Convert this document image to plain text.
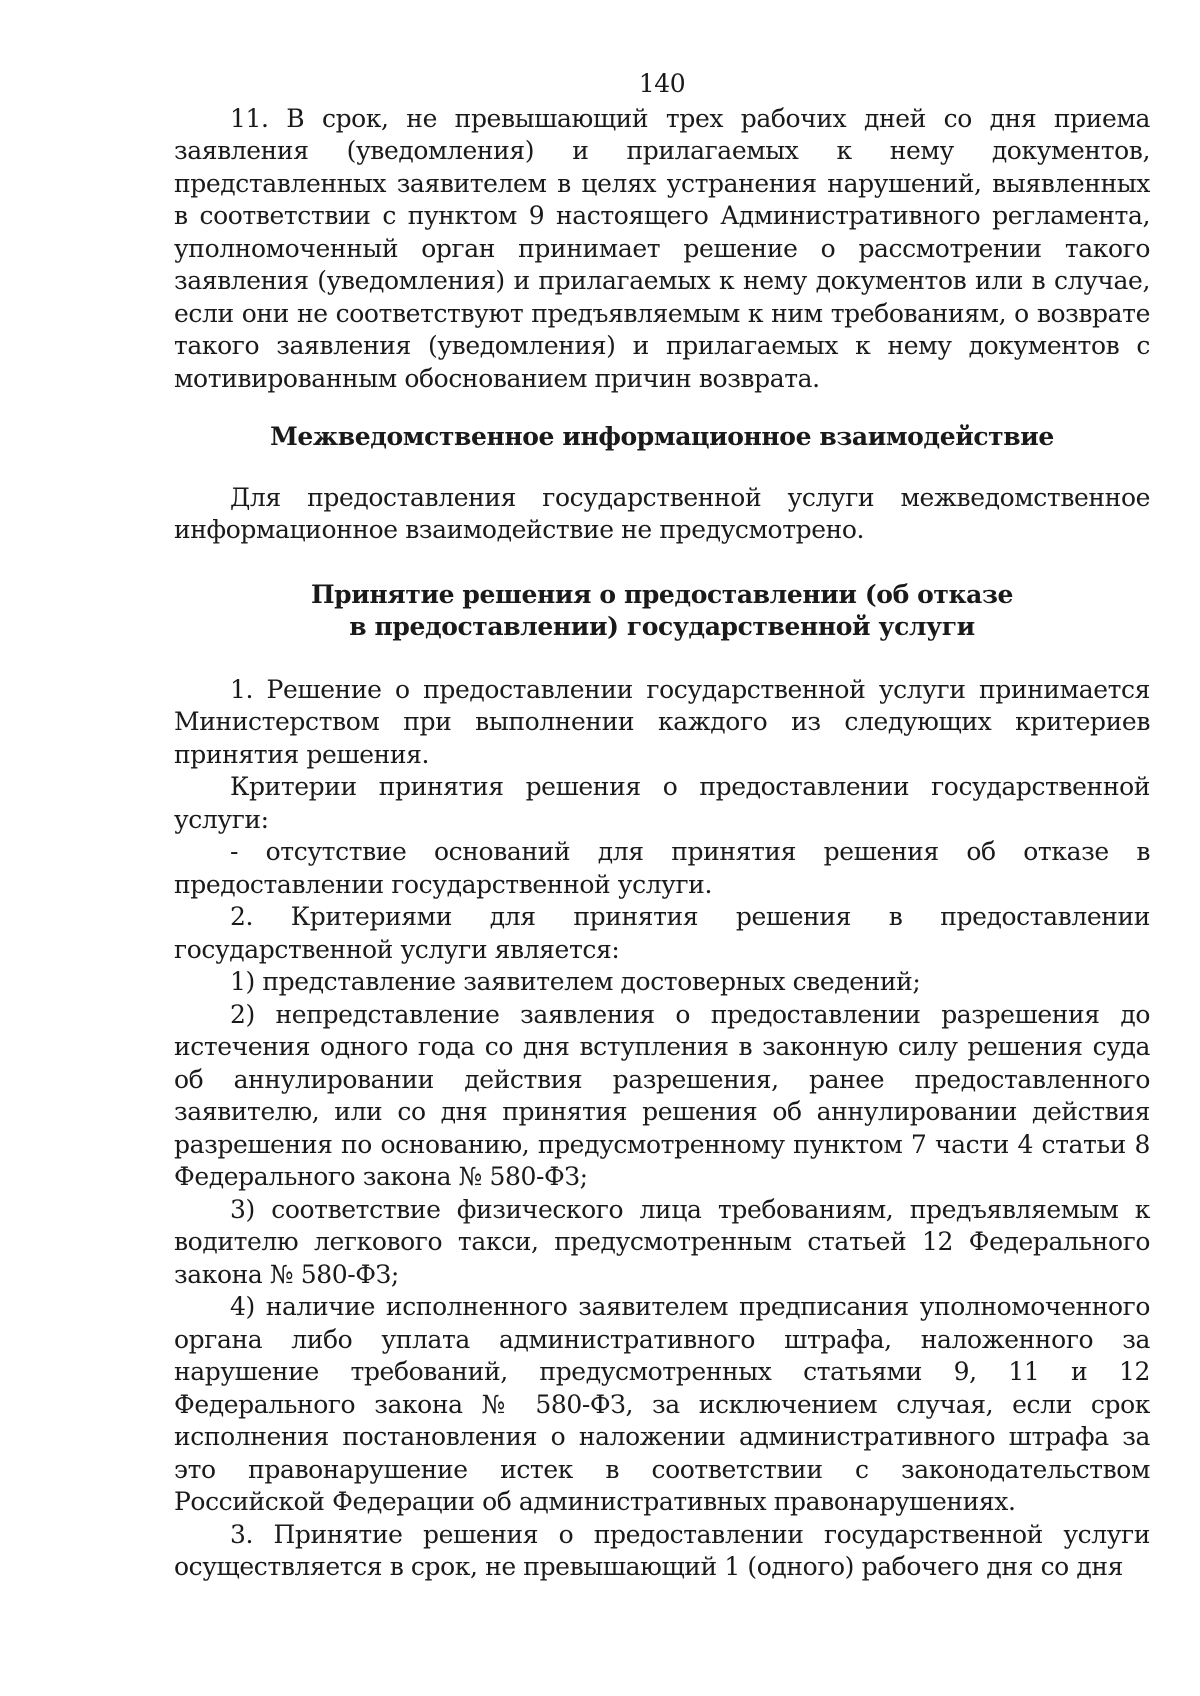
140

11. В срок, не превышающий трех рабочих дней со дня приема заявления (уведомления) и прилагаемых к нему документов, представленных заявителем в целях устранения нарушений, выявленных в соответствии с пунктом 9 настоящего Административного регламента, уполномоченный орган принимает решение о рассмотрении такого заявления (уведомления) и прилагаемых к нему документов или в случае, если они не соответствуют предъявляемым к ним требованиям, о возврате такого заявления (уведомления) и прилагаемых к нему документов с мотивированным обоснованием причин возврата.

Межведомственное информационное взаимодействие

Для предоставления государственной услуги межведомственное информационное взаимодействие не предусмотрено.

Принятие решения о предоставлении (об отказе
в предоставлении) государственной услуги

1. Решение о предоставлении государственной услуги принимается Министерством при выполнении каждого из следующих критериев принятия решения.

Критерии принятия решения о предоставлении государственной услуги:

- отсутствие оснований для принятия решения об отказе в предоставлении государственной услуги.

2. Критериями для принятия решения в предоставлении государственной услуги является:

1) представление заявителем достоверных сведений;

2) непредставление заявления о предоставлении разрешения до истечения одного года со дня вступления в законную силу решения суда об аннулировании действия разрешения, ранее предоставленного заявителю, или со дня принятия решения об аннулировании действия разрешения по основанию, предусмотренному пунктом 7 части 4 статьи 8 Федерального закона № 580-ФЗ;

3) соответствие физического лица требованиям, предъявляемым к водителю легкового такси, предусмотренным статьей 12 Федерального закона № 580-ФЗ;

4) наличие исполненного заявителем предписания уполномоченного органа либо уплата административного штрафа, наложенного за нарушение требований, предусмотренных статьями 9, 11 и 12 Федерального закона № 580-ФЗ, за исключением случая, если срок исполнения постановления о наложении административного штрафа за это правонарушение истек в соответствии с законодательством Российской Федерации об административных правонарушениях.

3. Принятие решения о предоставлении государственной услуги осуществляется в срок, не превышающий 1 (одного) рабочего дня со дня
